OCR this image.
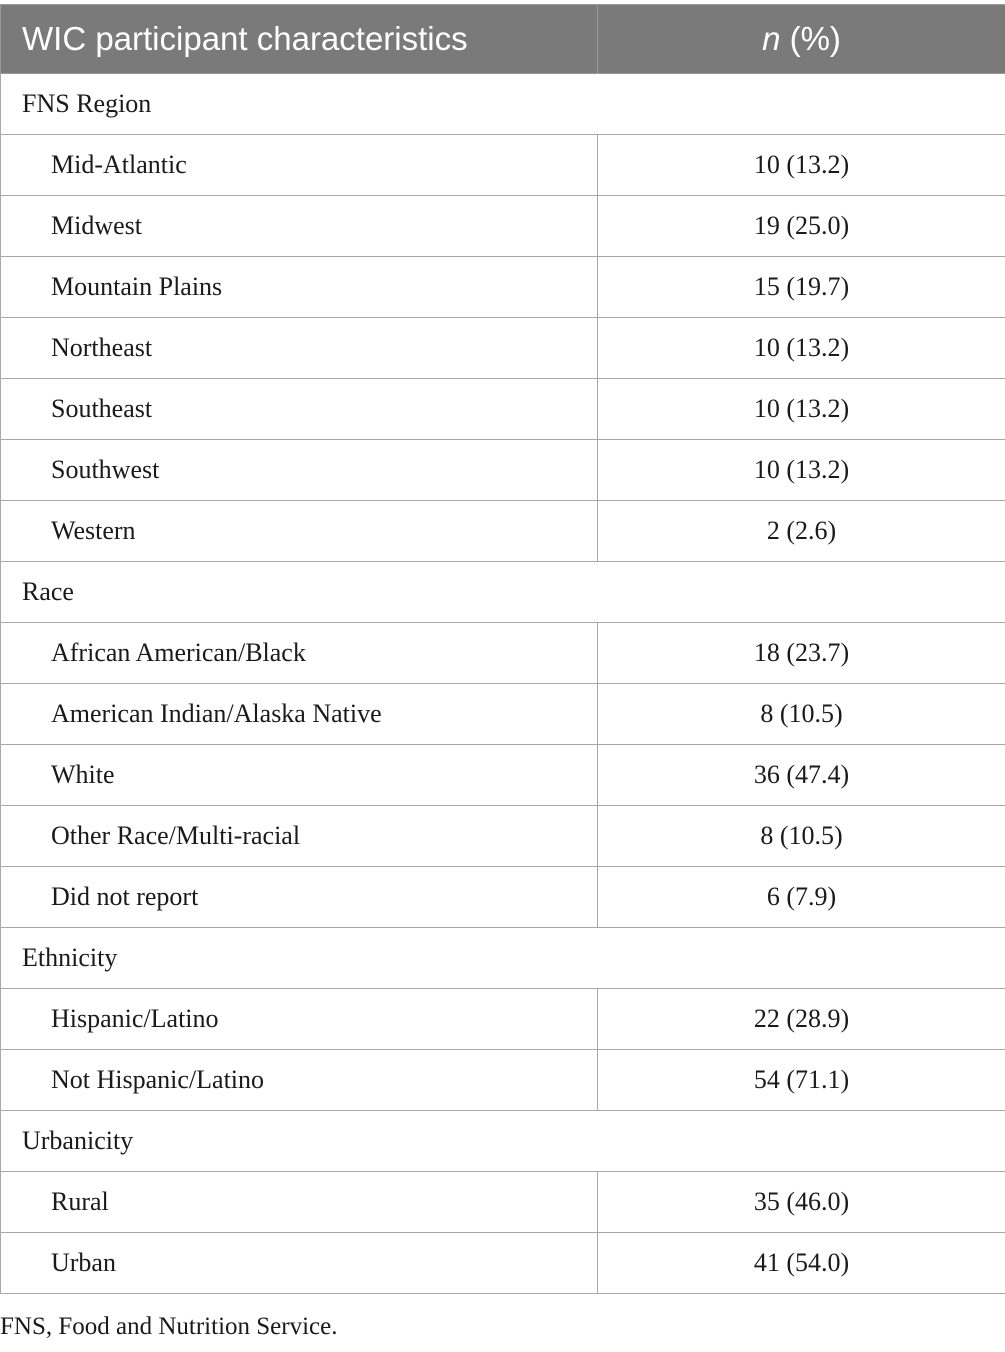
WIC participant characteristics	n (%)
FNS Region	
Mid-Atlantic	10 (13.2)
Midwest	19 (25.0)
Mountain Plains	15 (19.7)
Northeast	10 (13.2)
Southeast	10 (13.2)
Southwest	10 (13.2)
Western	2 (2.6)
Race	
African American/Black	18 (23.7)
American Indian/Alaska Native	8 (10.5)
White	36 (47.4)
Other Race/Multi-racial	8 (10.5)
Did not report	6 (7.9)
Ethnicity	
Hispanic/Latino	22 (28.9)
Not Hispanic/Latino	54 (71.1)
Urbanicity	
Rural	35 (46.0)
Urban	41 (54.0)

FNS, Food and Nutrition Service.
